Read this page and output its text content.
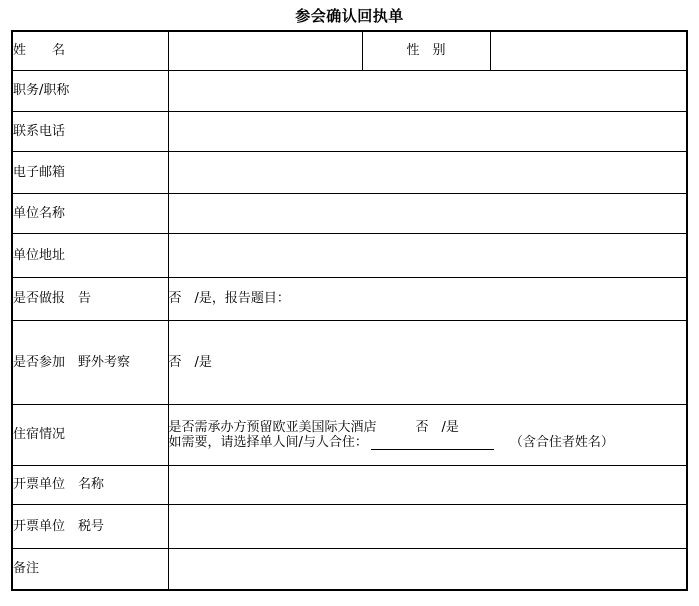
参会确认回执单
姓　　名		性　别	
职务/职称			
联系电话			
电子邮箱			
单位名称			
单位地址			
是否做报　告	否　/是，报告题目：		
是否参加　野外考察	否　/是		
住宿情况	是否需承办方预留欧亚美国际大酒店　　　否　/是
如需要，请选择单人间/与人合住： （含合住者姓名）		

开票单位　名称			
开票单位　税号			
备注			
